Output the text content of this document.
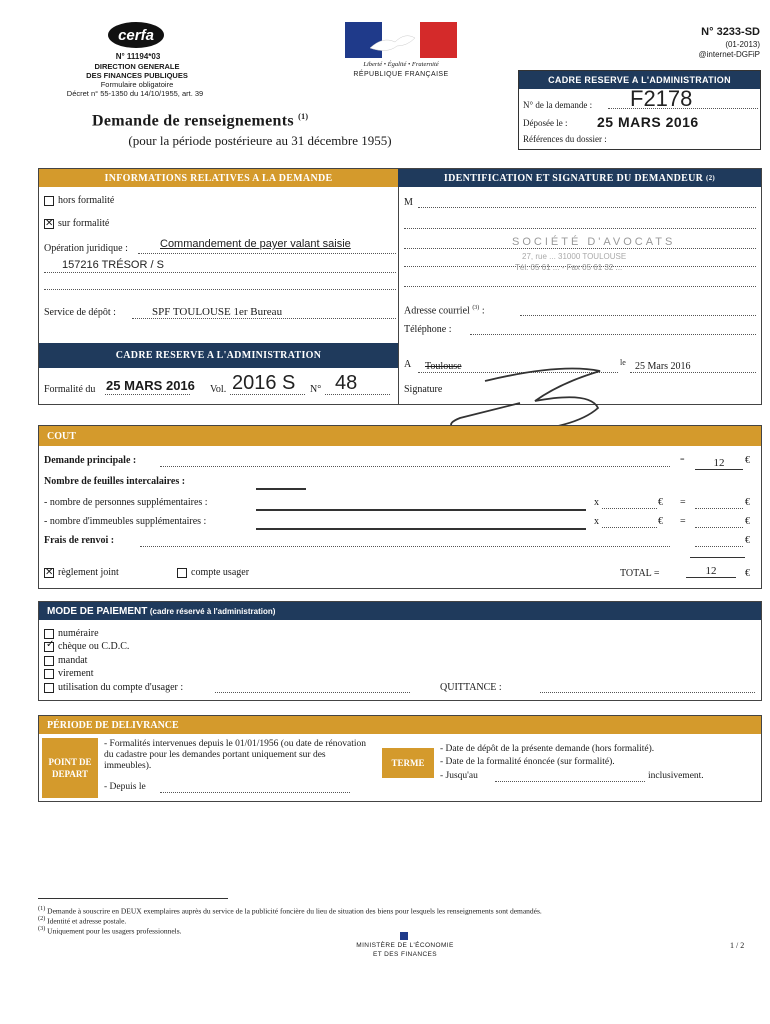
cerfa
N° 11194*03
DIRECTION GENERALE
DES FINANCES PUBLIQUES
Formulaire obligatoire
Décret n° 55-1350 du 14/10/1955, art. 39
Liberté • Égalité • Fraternité
RÉPUBLIQUE FRANÇAISE
N° 3233-SD
(01-2013)
@internet-DGFiP
Demande de renseignements $^{(1)}$
(pour la période postérieure au 31 décembre 1955)
CADRE RESERVE A L'ADMINISTRATION
N° de la demande : F2178
Déposée le : 25 MARS 2016
Références du dossier :
INFORMATIONS RELATIVES A LA DEMANDE	IDENTIFICATION ET SIGNATURE DU DEMANDEUR
(2)
hors formalité
✕sur formalité
Opération juridique :	Commandement de payer valant saisie
157216 TRÉSOR / S
Service de dépôt :	SPF TOULOUSE 1er Bureau
CADRE RESERVE A L'ADMINISTRATION
Formalité du 25 MARS 2016 Vol. 2016 S N° 48
M
SOCIÉTÉ D'AVOCATS
27, rue ... 31000 TOULOUSE
Tél. 05 61 ... - Fax 05 61 32 ...
Adresse courriel $^{(3)}$ :
Téléphone :
A Toulouse	le 25 Mars 2016
Signature
COUT
Demande principale :	=	12	€
Nombre de feuilles intercalaires :
- nombre de personnes supplémentaires :	x	€ =	€
- nombre d'immeubles supplémentaires :	x	€ =	€
Frais de renvoi :	€
✕règlement joint	compte usager	TOTAL =	12	€
MODE DE PAIEMENT
(cadre réservé à l'administration)
numéraire
✓chèque ou C.D.C.
mandat
virement
utilisation du compte d'usager :	QUITTANCE :
PÉRIODE DE DELIVRANCE
POINT DE DEPART
- Formalités intervenues depuis le 01/01/1956 (ou date de rénovation du cadastre pour les demandes portant uniquement sur des immeubles).
- Depuis le
TERME
- Date de dépôt de la présente demande (hors formalité).
- Date de la formalité énoncée (sur formalité).
- Jusqu'au	inclusivement.
$^{(1)}$ Demande à souscrire en DEUX exemplaires auprès du service de la publicité foncière du lieu de situation des biens pour lesquels les renseignements sont demandés.
$^{(2)}$ Identité et adresse postale.
$^{(3)}$ Uniquement pour les usagers professionnels.
MINISTÈRE DE L'ÉCONOMIE
ET DES FINANCES
1 / 2
